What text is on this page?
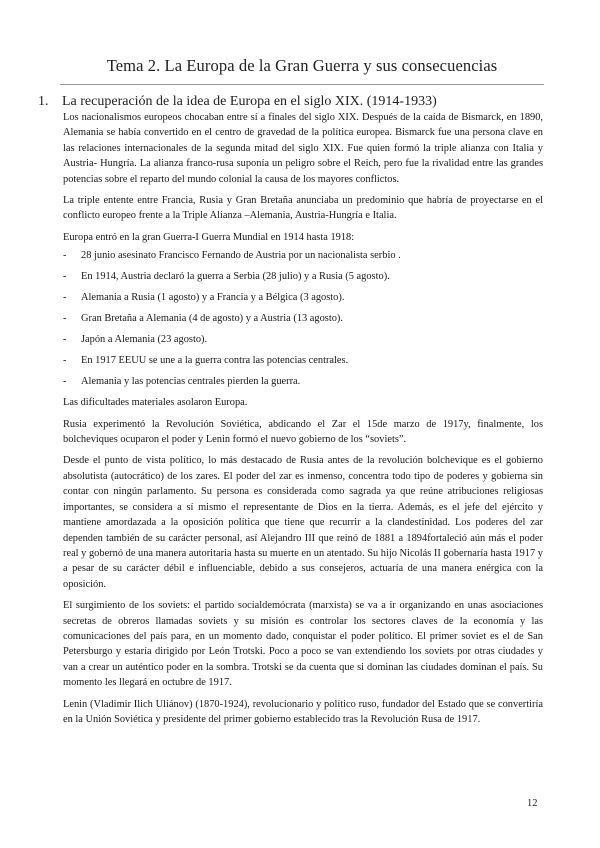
Tema 2. La Europa de la Gran Guerra y sus consecuencias
1. La recuperación de la idea de Europa en el siglo XIX. (1914-1933)

Los nacionalismos europeos chocaban entre sí a finales del siglo XIX. Después de la caída de Bismarck, en 1890, Alemania se había convertido en el centro de gravedad de la política europea. Bismarck fue una persona clave en las relaciones internacionales de la segunda mitad del siglo XIX. Fue quien formó la triple alianza con Italia y Austria- Hungría. La alianza franco-rusa suponía un peligro sobre el Reich, pero fue la rivalidad entre las grandes potencias sobre el reparto del mundo colonial la causa de los mayores conflictos.

La triple entente entre Francia, Rusia y Gran Bretaña anunciaba un predominio que habría de proyectarse en el conflicto europeo frente a la Triple Alianza –Alemania, Austria-Hungría e Italia.

Europa entró en la gran Guerra-I Guerra Mundial en 1914 hasta 1918:

- 28 junio asesinato Francisco Fernando de Austria por un nacionalista serbio .
- En 1914, Austria declaró la guerra a Serbia (28 julio) y a Rusia (5 agosto).
- Alemania a Rusia (1 agosto) y a Francia y a Bélgica (3 agosto).
- Gran Bretaña a Alemania (4 de agosto) y a Austria (13 agosto).
- Japón a Alemania (23 agosto).
- En 1917 EEUU se une a la guerra contra las potencias centrales.
- Alemania y las potencias centrales pierden la guerra.

Las dificultades materiales asolaron Europa.

Rusia experimentó la Revolución Soviética, abdicando el Zar el 15de marzo de 1917y, finalmente, los bolcheviques ocuparon el poder y Lenin formó el nuevo gobierno de los “soviets”.

Desde el punto de vista político, lo más destacado de Rusia antes de la revolución bolchevique es el gobierno absolutista (autocrático) de los zares. El poder del zar es inmenso, concentra todo tipo de poderes y gobierna sin contar con ningún parlamento. Su persona es considerada como sagrada ya que reúne atribuciones religiosas importantes, se considera a sí mismo el representante de Dios en la tierra. Además, es el jefe del ejército y mantiene amordazada a la oposición política que tiene que recurrir a la clandestinidad. Los poderes del zar dependen también de su carácter personal, así Alejandro III que reinó de 1881 a 1894fortaleció aún más el poder real y gobernó de una manera autoritaria hasta su muerte en un atentado. Su hijo Nicolás II gobernaría hasta 1917 y a pesar de su carácter débil e influenciable, debido a sus consejeros, actuaría de una manera enérgica con la oposición.

El surgimiento de los soviets: el partido socialdemócrata (marxista) se va a ir organizando en unas asociaciones secretas de obreros llamadas soviets y su misión es controlar los sectores claves de la economía y las comunicaciones del país para, en un momento dado, conquistar el poder político. El primer soviet es el de San Petersburgo y estaría dirigido por León Trotski. Poco a poco se van extendiendo los soviets por otras ciudades y van a crear un auténtico poder en la sombra. Trotski se da cuenta que si dominan las ciudades dominan el país. Su momento les llegará en octubre de 1917.

Lenin (Vladimir Ilich Uliánov) (1870-1924), revolucionario y político ruso, fundador del Estado que se convertiría en la Unión Soviética y presidente del primer gobierno establecido tras la Revolución Rusa de 1917.

12
